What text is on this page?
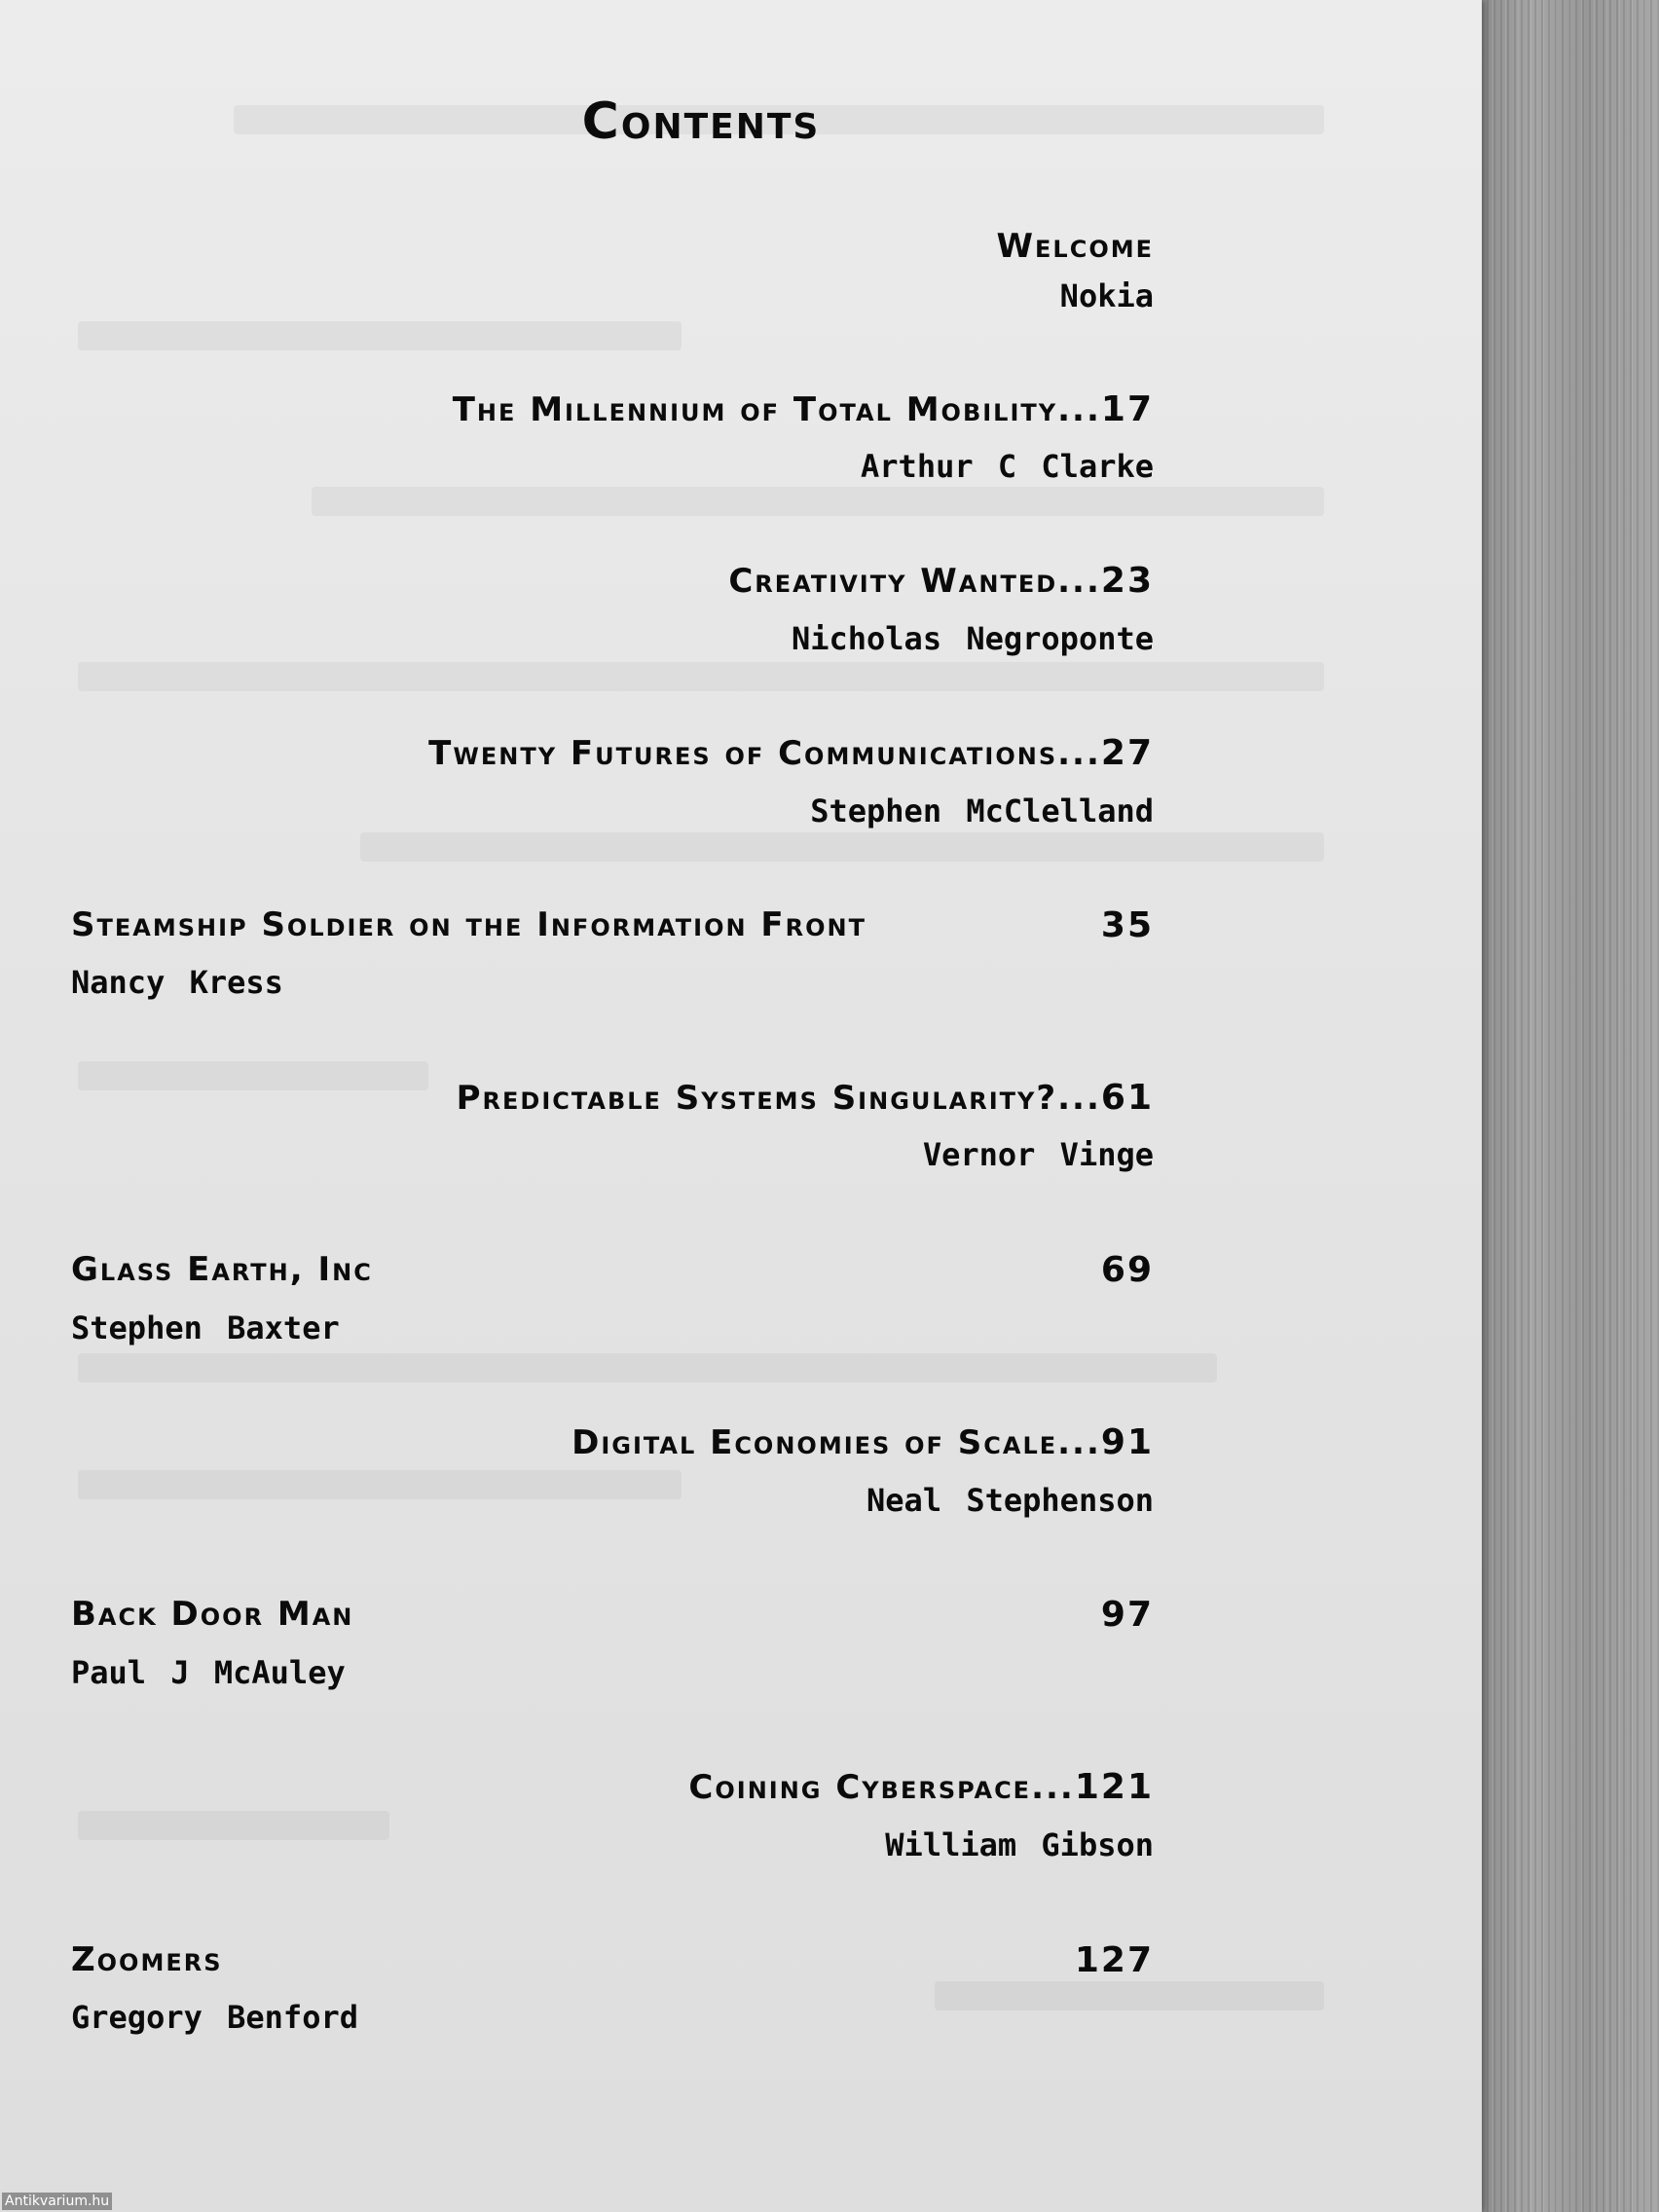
Contents
Welcome
Nokia
The Millennium of Total Mobility...17
Arthur C Clarke
Creativity Wanted...23
Nicholas Negroponte
Twenty Futures of Communications...27
Stephen McClelland
Steamship Soldier on the Information Front	35
Nancy Kress
Predictable Systems Singularity?...61
Vernor Vinge
Glass Earth, Inc	69
Stephen Baxter
Digital Economies of Scale...91
Neal Stephenson
Back Door Man	97
Paul J McAuley
Coining Cyberspace...121
William Gibson
Zoomers	127
Gregory Benford
Antikvarium.hu
